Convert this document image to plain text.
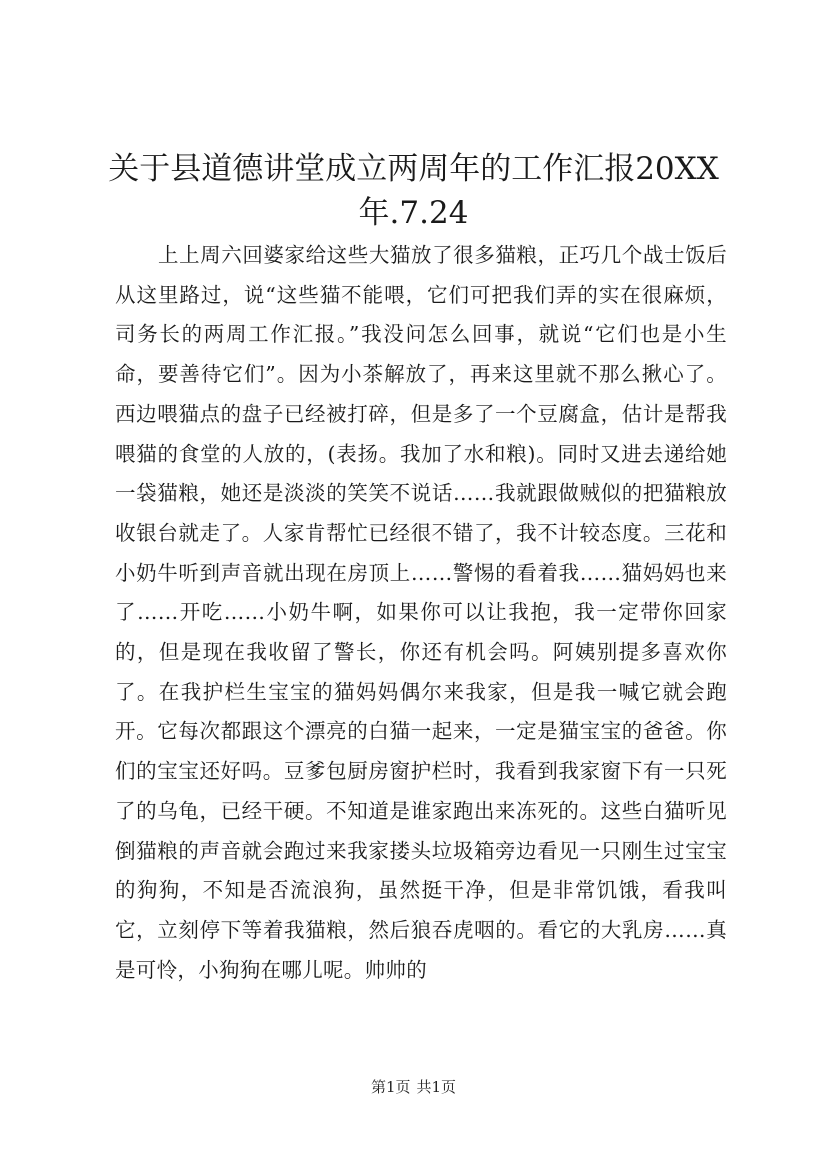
关于县道德讲堂成立两周年的工作汇报20XX
年.7.24

上上周六回婆家给这些大猫放了很多猫粮，正巧几个战士饭后从这里路过，说“这些猫不能喂，它们可把我们弄的实在很麻烦，司务长的两周工作汇报。”我没问怎么回事，就说“它们也是小生命，要善待它们”。因为小茶解放了，再来这里就不那么揪心了。西边喂猫点的盘子已经被打碎，但是多了一个豆腐盒，估计是帮我喂猫的食堂的人放的，(表扬。我加了水和粮)。同时又进去递给她一袋猫粮，她还是淡淡的笑笑不说话……我就跟做贼似的把猫粮放收银台就走了。人家肯帮忙已经很不错了，我不计较态度。三花和小奶牛听到声音就出现在房顶上……警惕的看着我……猫妈妈也来了……开吃……小奶牛啊，如果你可以让我抱，我一定带你回家的，但是现在我收留了警长，你还有机会吗。阿姨别提多喜欢你了。在我护栏生宝宝的猫妈妈偶尔来我家，但是我一喊它就会跑开。它每次都跟这个漂亮的白猫一起来，一定是猫宝宝的爸爸。你们的宝宝还好吗。豆爹包厨房窗护栏时，我看到我家窗下有一只死了的乌龟，已经干硬。不知道是谁家跑出来冻死的。这些白猫听见倒猫粮的声音就会跑过来我家搂头垃圾箱旁边看见一只刚生过宝宝的狗狗，不知是否流浪狗，虽然挺干净，但是非常饥饿，看我叫它，立刻停下等着我猫粮，然后狼吞虎咽的。看它的大乳房……真是可怜，小狗狗在哪儿呢。帅帅的

第1页 共1页
